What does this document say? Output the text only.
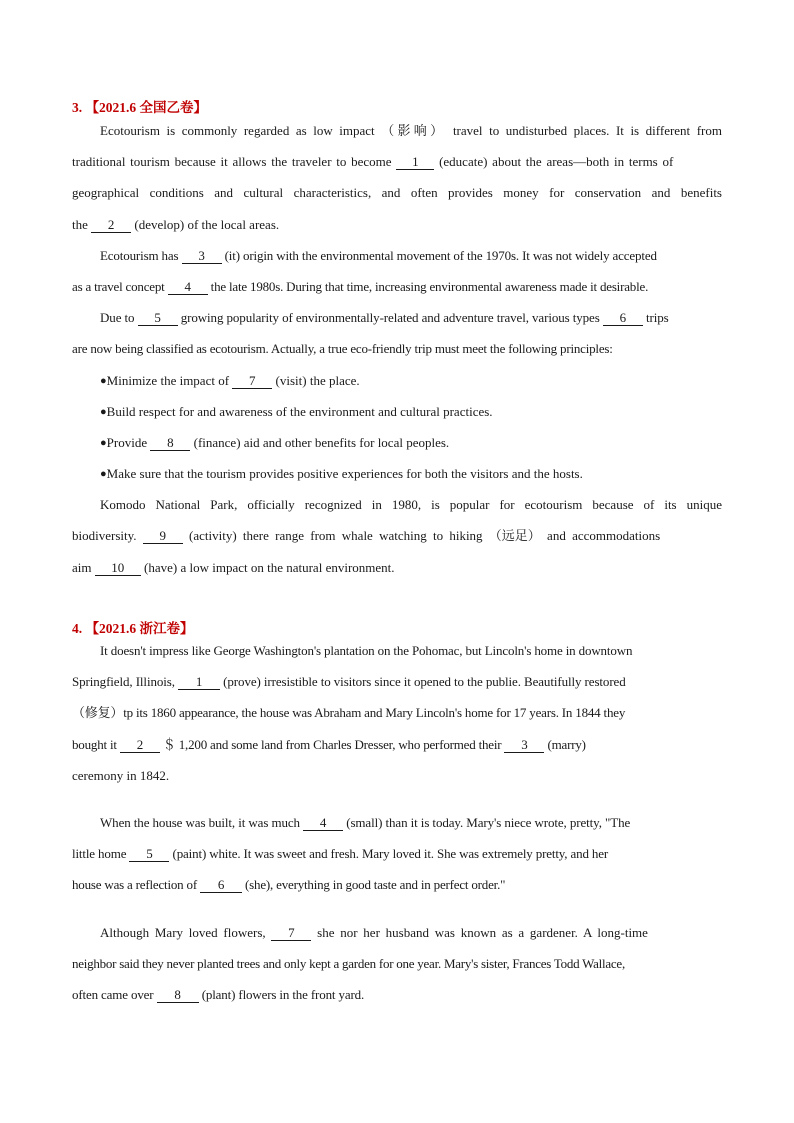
3. 【2021.6 全国乙卷】
Ecotourism is commonly regarded as low impact （影响） travel to undisturbed places. It is different from
traditional tourism because it allows the traveler to become 1 (educate) about the areas—both in terms of
geographical conditions and cultural characteristics, and often provides money for conservation and benefits
the 2 (develop) of the local areas.
Ecotourism has 3 (it) origin with the environmental movement of the 1970s. It was not widely accepted
as a travel concept 4 the late 1980s. During that time, increasing environmental awareness made it desirable.
Due to 5 growing popularity of environmentally-related and adventure travel, various types 6 trips
are now being classified as ecotourism. Actually, a true eco-friendly trip must meet the following principles:
●Minimize the impact of 7 (visit) the place.
●Build respect for and awareness of the environment and cultural practices.
●Provide 8 (finance) aid and other benefits for local peoples.
●Make sure that the tourism provides positive experiences for both the visitors and the hosts.
Komodo National Park, officially recognized in 1980, is popular for ecotourism because of its unique
biodiversity. 9 (activity) there range from whale watching to hiking （远足） and accommodations
aim 10 (have) a low impact on the natural environment.
4. 【2021.6 浙江卷】
It doesn't impress like George Washington's plantation on the Pohomac, but Lincoln's home in downtown
Springfield, Illinois, 1 (prove) irresistible to visitors since it opened to the publie. Beautifully restored
（修复）tp its 1860 appearance, the house was Abraham and Mary Lincoln's home for 17 years. In 1844 they
bought it 2 ＄ 1,200 and some land from Charles Dresser, who performed their 3 (marry)
ceremony in 1842.
When the house was built, it was much 4 (small) than it is today. Mary's niece wrote, pretty, "The
little home 5 (paint) white. It was sweet and fresh. Mary loved it. She was extremely pretty, and her
house was a reflection of 6 (she), everything in good taste and in perfect order."
Although Mary loved flowers, 7 she nor her husband was known as a gardener. A long-time
neighbor said they never planted trees and only kept a garden for one year. Mary's sister, Frances Todd Wallace,
often came over 8 (plant) flowers in the front yard.
